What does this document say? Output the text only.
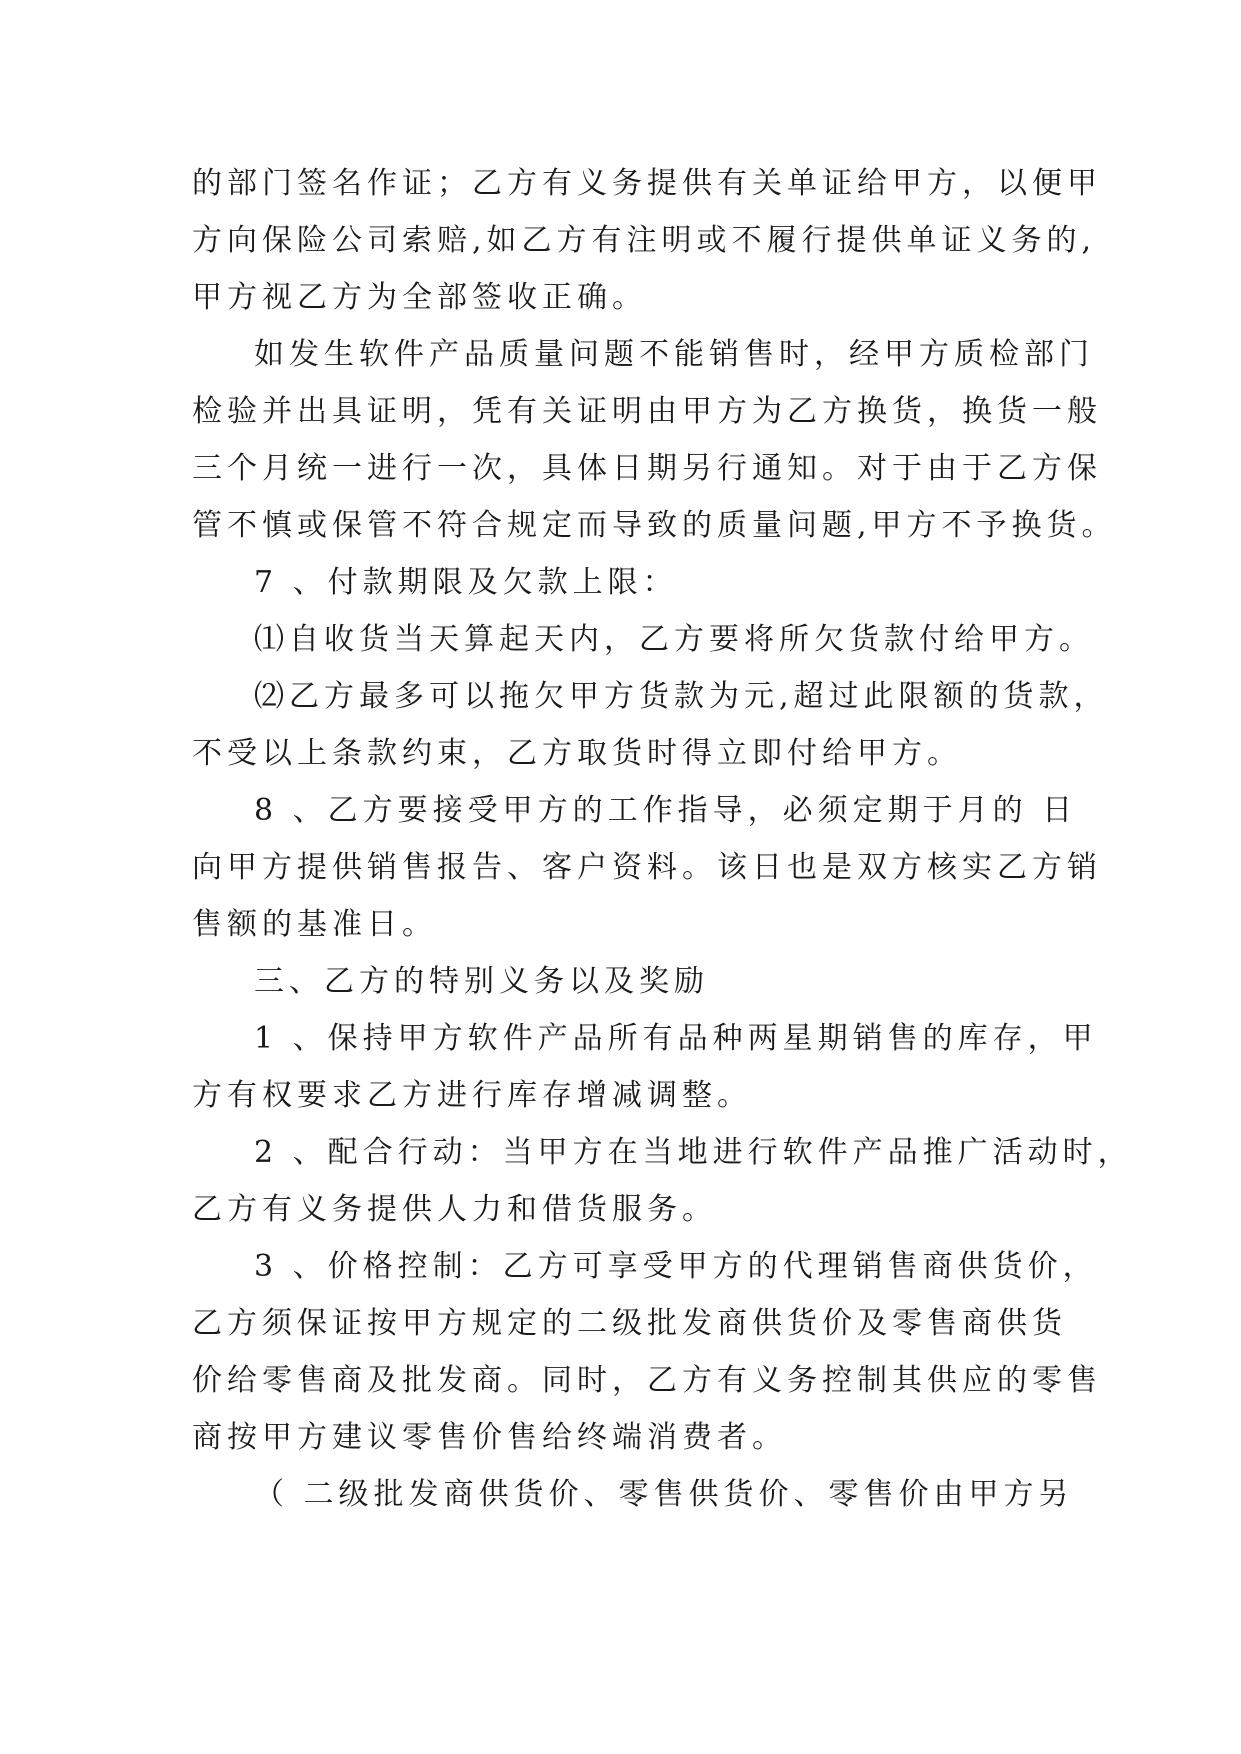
的部门签名作证；乙方有义务提供有关单证给甲方，以便甲
方向保险公司索赔,如乙方有注明或不履行提供单证义务的,
甲方视乙方为全部签收正确。
如发生软件产品质量问题不能销售时，经甲方质检部门
检验并出具证明，凭有关证明由甲方为乙方换货，换货一般
三个月统一进行一次，具体日期另行通知。对于由于乙方保
管不慎或保管不符合规定而导致的质量问题,甲方不予换货。
7 、付款期限及欠款上限：
⑴自收货当天算起天内，乙方要将所欠货款付给甲方。
⑵乙方最多可以拖欠甲方货款为元,超过此限额的货款，
不受以上条款约束，乙方取货时得立即付给甲方。
8 、乙方要接受甲方的工作指导，必须定期于月的 日
向甲方提供销售报告、客户资料。该日也是双方核实乙方销
售额的基准日。
三、乙方的特别义务以及奖励
1 、保持甲方软件产品所有品种两星期销售的库存，甲
方有权要求乙方进行库存增减调整。
2 、配合行动：当甲方在当地进行软件产品推广活动时，
乙方有义务提供人力和借货服务。
3 、价格控制：乙方可享受甲方的代理销售商供货价，
乙方须保证按甲方规定的二级批发商供货价及零售商供货
价给零售商及批发商。同时，乙方有义务控制其供应的零售
商按甲方建议零售价售给终端消费者。
（ 二级批发商供货价、零售供货价、零售价由甲方另
